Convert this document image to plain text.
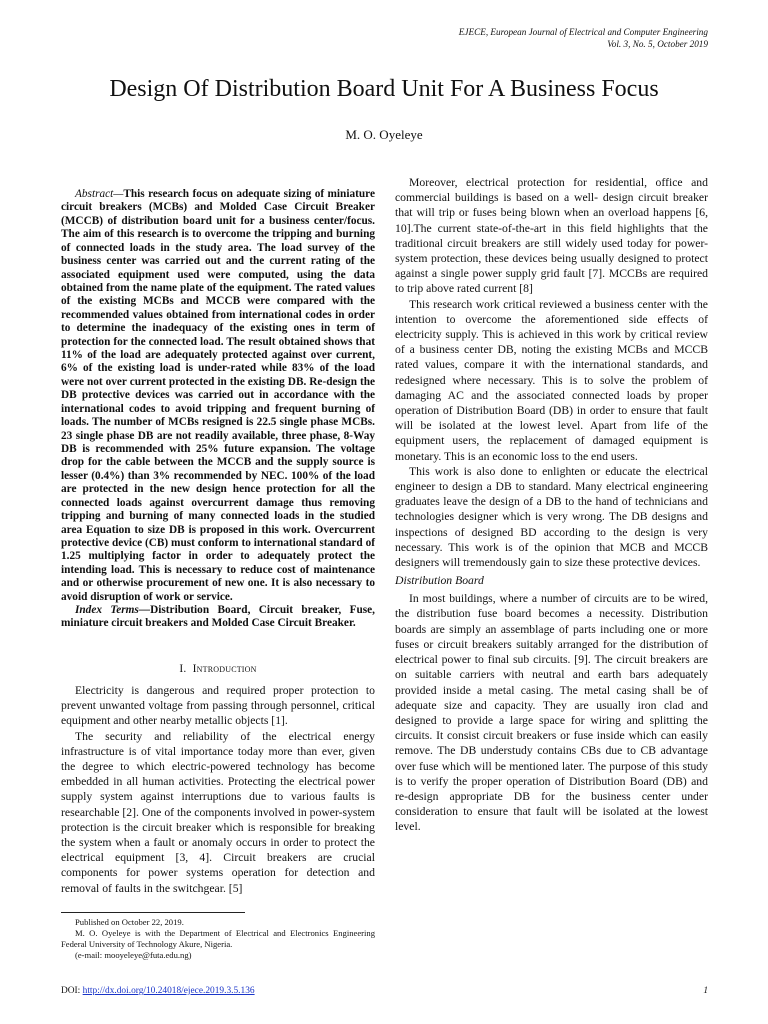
EJECE, European Journal of Electrical and Computer Engineering
Vol. 3, No. 5, October 2019
Design Of Distribution Board Unit For A Business Focus
M. O. Oyeleye

Abstract—This research focus on adequate sizing of miniature circuit breakers (MCBs) and Molded Case Circuit Breaker (MCCB) of distribution board unit for a business center/focus. The aim of this research is to overcome the tripping and burning of connected loads in the study area. The load survey of the business center was carried out and the current rating of the associated equipment used were computed, using the data obtained from the name plate of the equipment. The rated values of the existing MCBs and MCCB were compared with the recommended values obtained from international codes in order to determine the inadequacy of the existing ones in term of protection for the connected load. The result obtained shows that 11% of the load are adequately protected against over current, 6% of the existing load is under-rated while 83% of the load were not over current protected in the existing DB. Re-design the DB protective devices was carried out in accordance with the international codes to avoid tripping and frequent burning of loads. The number of MCBs resigned is 22.5 single phase MCBs. 23 single phase DB are not readily available, three phase, 8-Way DB is recommended with 25% future expansion. The voltage drop for the cable between the MCCB and the supply source is lesser (0.4%) than 3% recommended by NEC. 100% of the load are protected in the new design hence protection for all the connected loads against overcurrent damage thus removing tripping and burning of many connected loads in the studied area Equation to size DB is proposed in this work. Overcurrent protective device (CB) must conform to international standard of 1.25 multiplying factor in order to adequately protect the intending load. This is necessary to reduce cost of maintenance and or otherwise procurement of new one. It is also necessary to avoid disruption of work or service.

Index Terms—Distribution Board, Circuit breaker, Fuse, miniature circuit breakers and Molded Case Circuit Breaker.

I. Introduction

Electricity is dangerous and required proper protection to prevent unwanted voltage from passing through personnel, critical equipment and other nearby metallic objects [1].

The security and reliability of the electrical energy infrastructure is of vital importance today more than ever, given the degree to which electric-powered technology has become embedded in all human activities. Protecting the electrical power supply system against interruptions due to various faults is researchable [2]. One of the components involved in power-system protection is the circuit breaker which is responsible for breaking the system when a fault or anomaly occurs in order to protect the electrical equipment [3, 4]. Circuit breakers are crucial components for power systems operation for detection and removal of faults in the switchgear. [5]

Moreover, electrical protection for residential, office and commercial buildings is based on a well- design circuit breaker that will trip or fuses being blown when an overload happens [6, 10].The current state-of-the-art in this field highlights that the traditional circuit breakers are still widely used today for power-system protection, these devices being usually designed to protect against a single power supply grid fault [7]. MCCBs are required to trip above rated current [8]

This research work critical reviewed a business center with the intention to overcome the aforementioned side effects of electricity supply. This is achieved in this work by critical review of a business center DB, noting the existing MCBs and MCCB rated values, compare it with the international standards, and redesigned where necessary. This is to solve the problem of damaging AC and the associated connected loads by proper operation of Distribution Board (DB) in order to ensure that fault will be isolated at the lowest level. Apart from life of the equipment users, the replacement of damaged equipment is monetary. This is an economic loss to the end users.

This work is also done to enlighten or educate the electrical engineer to design a DB to standard. Many electrical engineering graduates leave the design of a DB to the hand of technicians and technologies designer which is very wrong. The DB designs and inspections of designed BD according to the design is very necessary. This work is of the opinion that MCB and MCCB designers will tremendously gain to size these protective devices.

Distribution Board

In most buildings, where a number of circuits are to be wired, the distribution fuse board becomes a necessity. Distribution boards are simply an assemblage of parts including one or more fuses or circuit breakers suitably arranged for the distribution of electrical power to final sub circuits. [9]. The circuit breakers are on suitable carriers with neutral and earth bars adequately provided inside a metal casing. The metal casing shall be of adequate size and capacity. They are usually iron clad and designed to provide a large space for wiring and splitting the circuits. It consist circuit breakers or fuse inside which can easily remove. The DB understudy contains CBs due to CB advantage over fuse which will be mentioned later. The purpose of this study is to verify the proper operation of Distribution Board (DB) and re-design appropriate DB for the business center under consideration to ensure that fault will be isolated at the lowest level.

Published on October 22, 2019.
M. O. Oyeleye is with the Department of Electrical and Electronics Engineering Federal University of Technology Akure, Nigeria.
(e-mail: mooyeleye@futa.edu.ng)
DOI: http://dx.doi.org/10.24018/ejece.2019.3.5.136	1
